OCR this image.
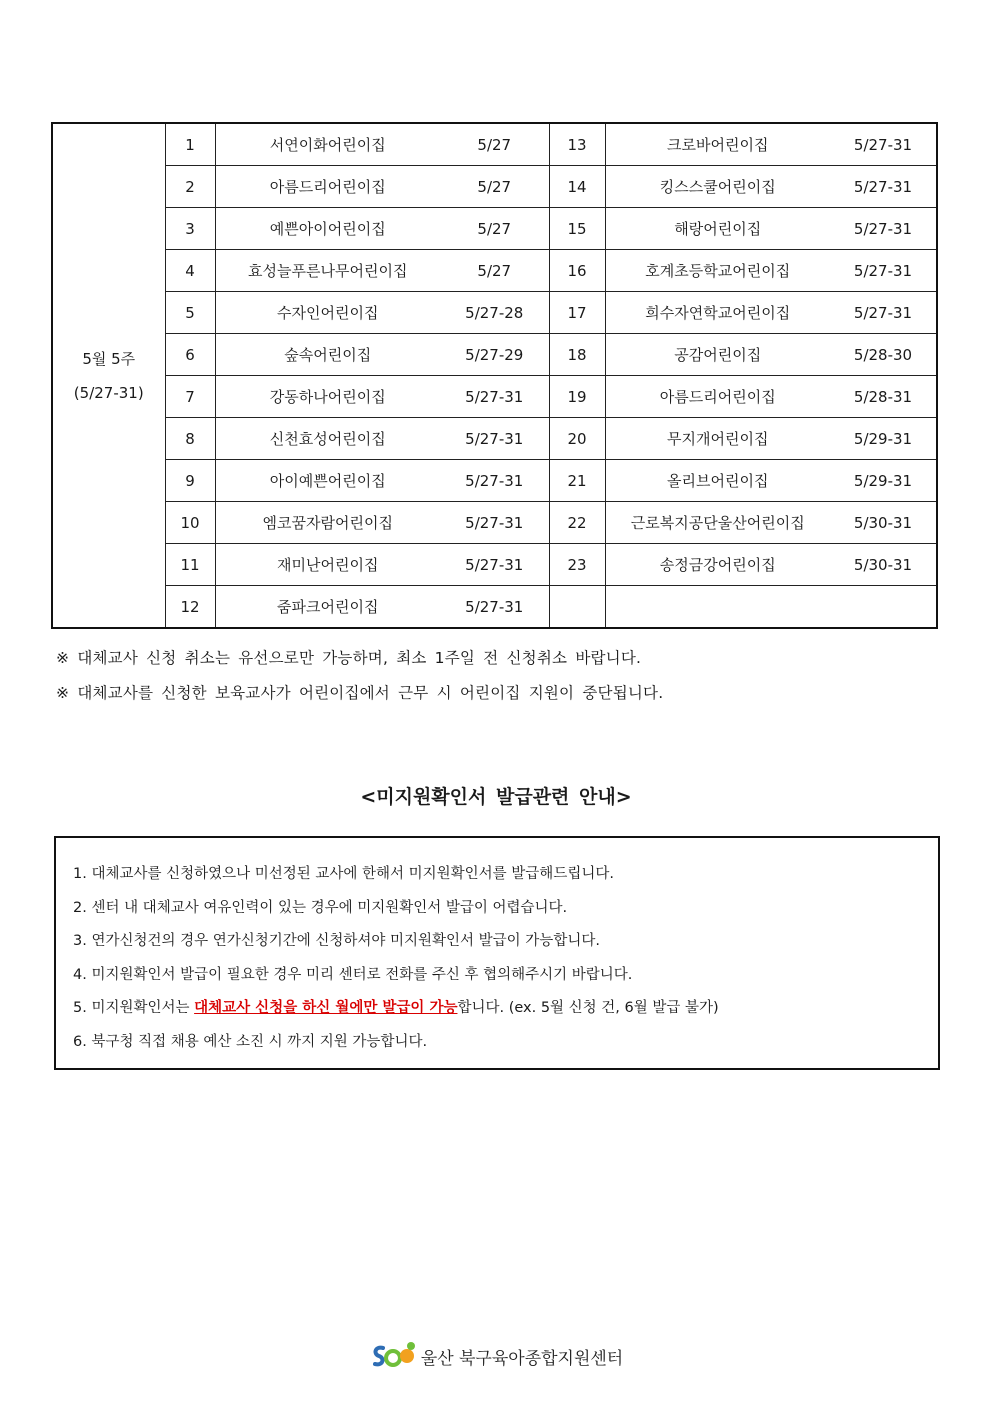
5월 5주
(5/27-31)	1	서연이화어린이집	5/27	13	크로바어린이집	5/27-31
	2	아름드리어린이집	5/27	14	킹스스쿨어린이집	5/27-31
	3	예쁜아이어린이집	5/27	15	해랑어린이집	5/27-31
	4	효성늘푸른나무어린이집	5/27	16	호계초등학교어린이집	5/27-31
	5	수자인어린이집	5/27-28	17	희수자연학교어린이집	5/27-31
	6	숲속어린이집	5/27-29	18	공감어린이집	5/28-30
	7	강동하나어린이집	5/27-31	19	아름드리어린이집	5/28-31
	8	신천효성어린이집	5/27-31	20	무지개어린이집	5/29-31
	9	아이예쁜어린이집	5/27-31	21	올리브어린이집	5/29-31
	10	엠코꿈자람어린이집	5/27-31	22	근로복지공단울산어린이집	5/30-31
	11	재미난어린이집	5/27-31	23	송정금강어린이집	5/30-31
	12	줌파크어린이집	5/27-31			
※ 대체교사 신청 취소는 유선으로만 가능하며, 최소 1주일 전 신청취소 바랍니다.
※ 대체교사를 신청한 보육교사가 어린이집에서 근무 시 어린이집 지원이 중단됩니다.
<미지원확인서 발급관련 안내>
1. 대체교사를 신청하였으나 미선정된 교사에 한해서 미지원확인서를 발급해드립니다.
2. 센터 내 대체교사 여유인력이 있는 경우에 미지원확인서 발급이 어렵습니다.
3. 연가신청건의 경우 연가신청기간에 신청하셔야 미지원확인서 발급이 가능합니다.
4. 미지원확인서 발급이 필요한 경우 미리 센터로 전화를 주신 후 협의해주시기 바랍니다.
5. 미지원확인서는 대체교사 신청을 하신 월에만 발급이 가능합니다. (ex. 5월 신청 건, 6월 발급 불가)
6. 북구청 직접 채용 예산 소진 시 까지 지원 가능합니다.
울산 북구육아종합지원센터
